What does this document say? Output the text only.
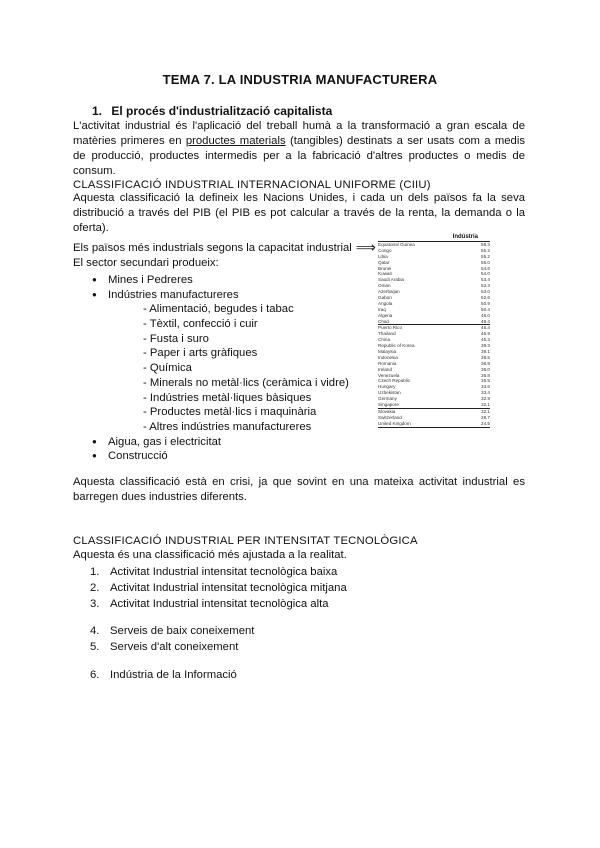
TEMA 7. LA INDUSTRIA MANUFACTURERA
1. El procés d'industrialització capitalista
L'activitat industrial és l'aplicació del treball humà a la transformació a gran escala de matèries primeres en productes materials (tangibles) destinats a ser usats com a medis de producció, productes intermedis per a la fabricació d'altres productes o medis de consum.
CLASSIFICACIÓ INDUSTRIAL INTERNACIONAL UNIFORME (CIIU)
Aquesta classificació la defineix les Nacions Unides, i cada un dels països fa la seva distribució a través del PIB (el PIB es pot calcular a través de la renta, la demanda o la oferta).
Els països més industrials segons la capacitat industrial ⟹
El sector secundari produeix:
● Mines i Pedreres
● Indústries manufactureres
- Alimentació, begudes i tabac
- Tèxtil, confecció i cuir
- Fusta i suro
- Paper i arts gràfiques
- Química
- Minerals no metàl·lics (ceràmica i vidre)
- Indústries metàl·liques bàsiques
- Productes metàl·lics i maquinària
- Altres indústries manufactureres
● Aigua, gas i electricitat
● Construcció
Indústria
Equatorial Guinea	58.3
Congo	55.2
Libia	55.2
Qatar	55.0
Brunei	54.6
Kuwait	54.0
Saudi Arabia	53.4
Oman	53.3
Azerbaijan	53.0
Gabon	52.6
Angola	50.9
Iraq	50.4
Algeria	48.0
Chad	48.4
Puerto Rico	46.4
Thailand	45.9
China	45.3
Republic of Korea	39.3
Malaysia	39.1
Indonesia	38.5
Romania	36.9
Ireland	36.0
Venezuela	35.8
Czech Republic	35.5
Hungary	33.6
Uzbekistan	33.4
Germany	32.9
Singapore	32.1
Slovakia	32.1
Switzerland	28.7
United Kingdom	24.5
Aquesta classificació està en crisi, ja que sovint en una mateixa activitat industrial es barregen dues industries diferents.
CLASSIFICACIÓ INDUSTRIAL PER INTENSITAT TECNOLÒGICA
Aquesta és una classificació més ajustada a la realitat.
1. Activitat Industrial intensitat tecnològica baixa
2. Activitat Industrial intensitat tecnològica mitjana
3. Activitat Industrial intensitat tecnològica alta
4. Serveis de baix coneixement
5. Serveis d'alt coneixement
6. Indústria de la Informació
